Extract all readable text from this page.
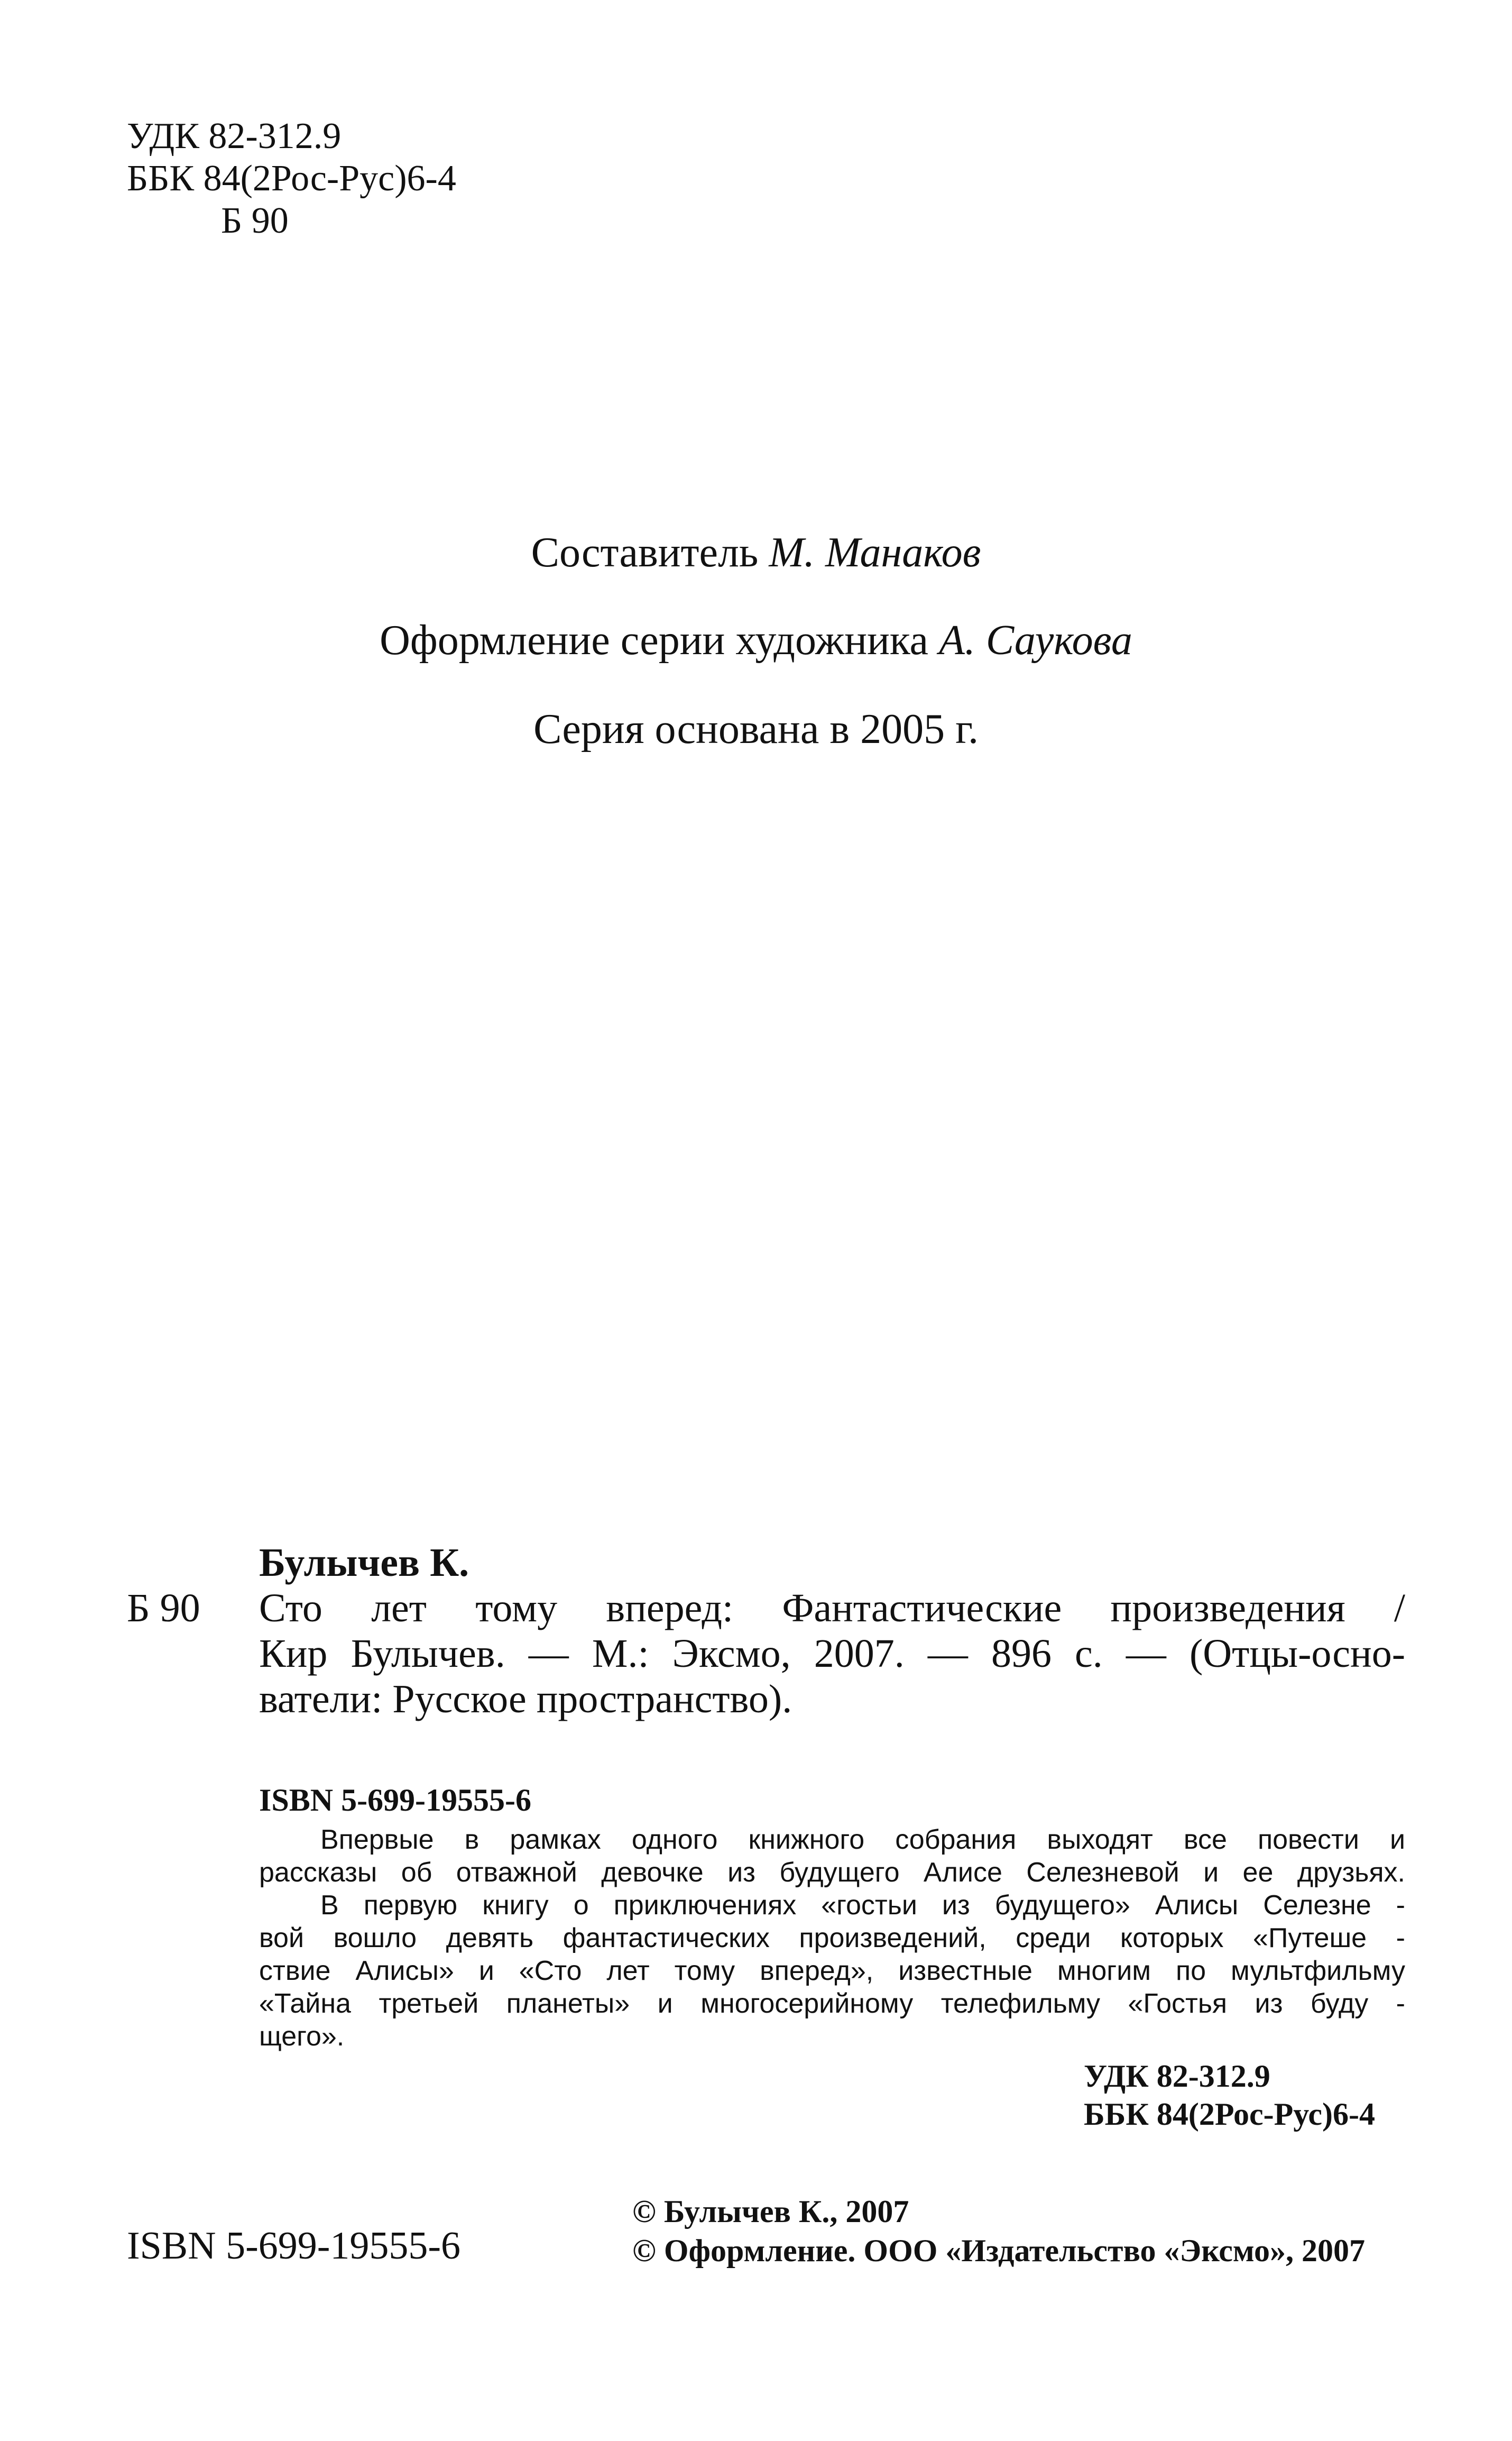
УДК 82-312.9
ББК 84(2Рос-Рус)6-4
Б 90
Составитель М. Манаков
Оформление серии художника А. Саукова
Серия основана в 2005 г.
Булычев К.
Б 90 Сто лет тому вперед: Фантастические произведения /
Кир Булычев. — М.: Эксмо, 2007. — 896 с. — (Отцы-осно-
ватели: Русское пространство).
ISBN 5-699-19555-6
Впервые в рамках одного книжного собрания выходят все повести и
рассказы об отважной девочке из будущего Алисе Селезневой и ее друзьях.
В первую книгу о приключениях «гостьи из будущего» Алисы Селезне -
вой вошло девять фантастических произведений, среди которых «Путеше -
ствие Алисы» и «Сто лет тому вперед», известные многим по мультфильму
«Тайна третьей планеты» и многосерийному телефильму «Гостья из буду -
щего».
УДК 82-312.9
ББК 84(2Рос-Рус)6-4
ISBN 5-699-19555-6
© Булычев К., 2007
© Оформление. ООО «Издательство «Эксмо», 2007
